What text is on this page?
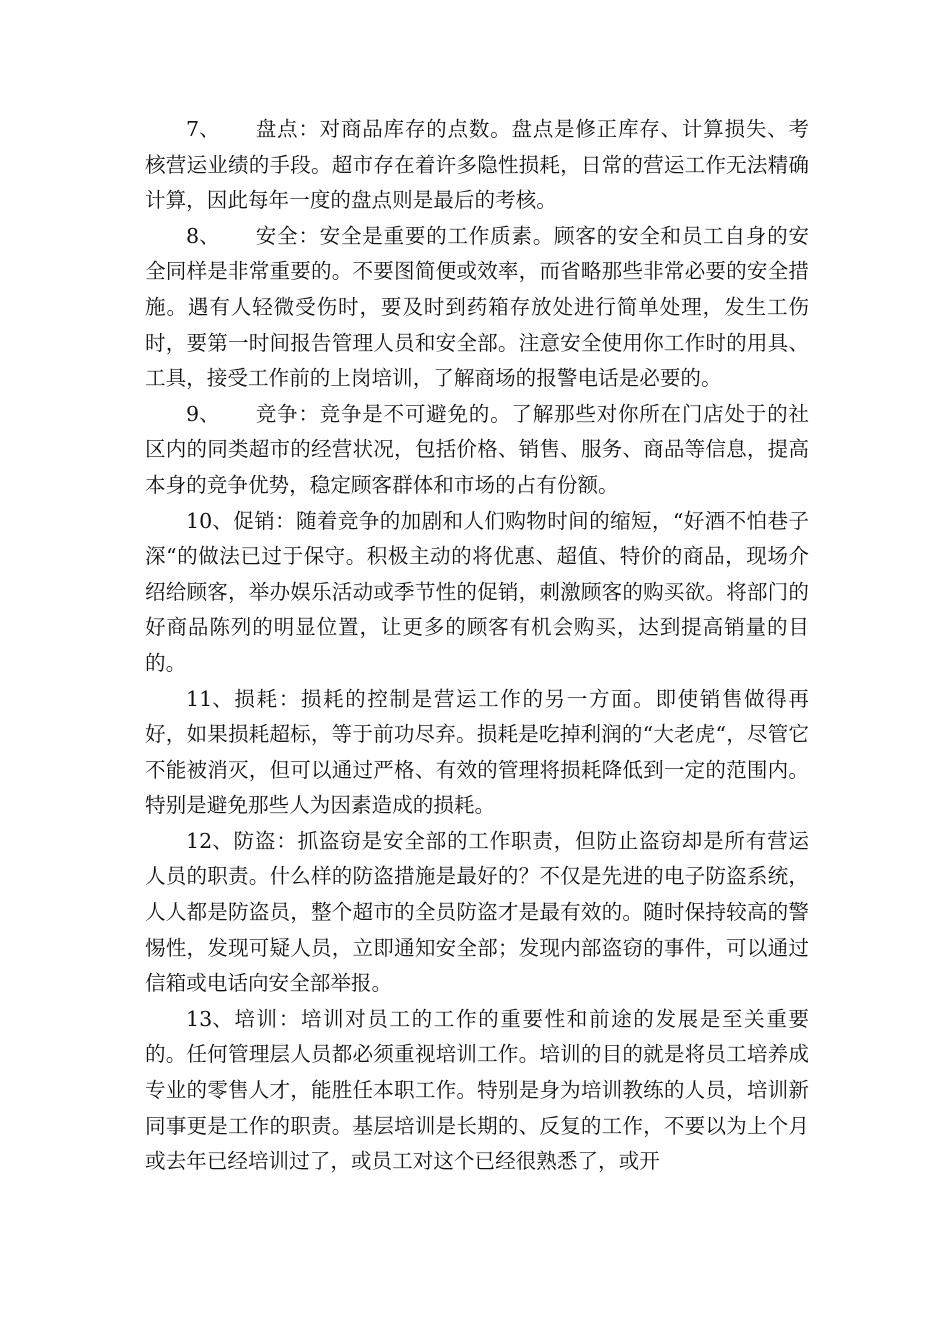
7、 盘点：对商品库存的点数。盘点是修正库存、计算损失、考核营运业绩的手段。超市存在着许多隐性损耗，日常的营运工作无法精确计算，因此每年一度的盘点则是最后的考核。

8、 安全：安全是重要的工作质素。顾客的安全和员工自身的安全同样是非常重要的。不要图简便或效率，而省略那些非常必要的安全措施。遇有人轻微受伤时，要及时到药箱存放处进行简单处理，发生工伤时，要第一时间报告管理人员和安全部。注意安全使用你工作时的用具、工具，接受工作前的上岗培训，了解商场的报警电话是必要的。

9、 竞争：竞争是不可避免的。了解那些对你所在门店处于的社区内的同类超市的经营状况，包括价格、销售、服务、商品等信息，提高本身的竞争优势，稳定顾客群体和市场的占有份额。

10、促销：随着竞争的加剧和人们购物时间的缩短，“好酒不怕巷子深“的做法已过于保守。积极主动的将优惠、超值、特价的商品，现场介绍给顾客，举办娱乐活动或季节性的促销，刺激顾客的购买欲。将部门的好商品陈列的明显位置，让更多的顾客有机会购买，达到提高销量的目的。

11、损耗：损耗的控制是营运工作的另一方面。即使销售做得再好，如果损耗超标，等于前功尽弃。损耗是吃掉利润的“大老虎“，尽管它不能被消灭，但可以通过严格、有效的管理将损耗降低到一定的范围内。特别是避免那些人为因素造成的损耗。

12、防盗：抓盗窃是安全部的工作职责，但防止盗窃却是所有营运人员的职责。什么样的防盗措施是最好的？不仅是先进的电子防盗系统，人人都是防盗员，整个超市的全员防盗才是最有效的。随时保持较高的警惕性，发现可疑人员，立即通知安全部；发现内部盗窃的事件，可以通过信箱或电话向安全部举报。

13、培训：培训对员工的工作的重要性和前途的发展是至关重要的。任何管理层人员都必须重视培训工作。培训的目的就是将员工培养成专业的零售人才，能胜任本职工作。特别是身为培训教练的人员，培训新同事更是工作的职责。基层培训是长期的、反复的工作，不要以为上个月或去年已经培训过了，或员工对这个已经很熟悉了，或开
